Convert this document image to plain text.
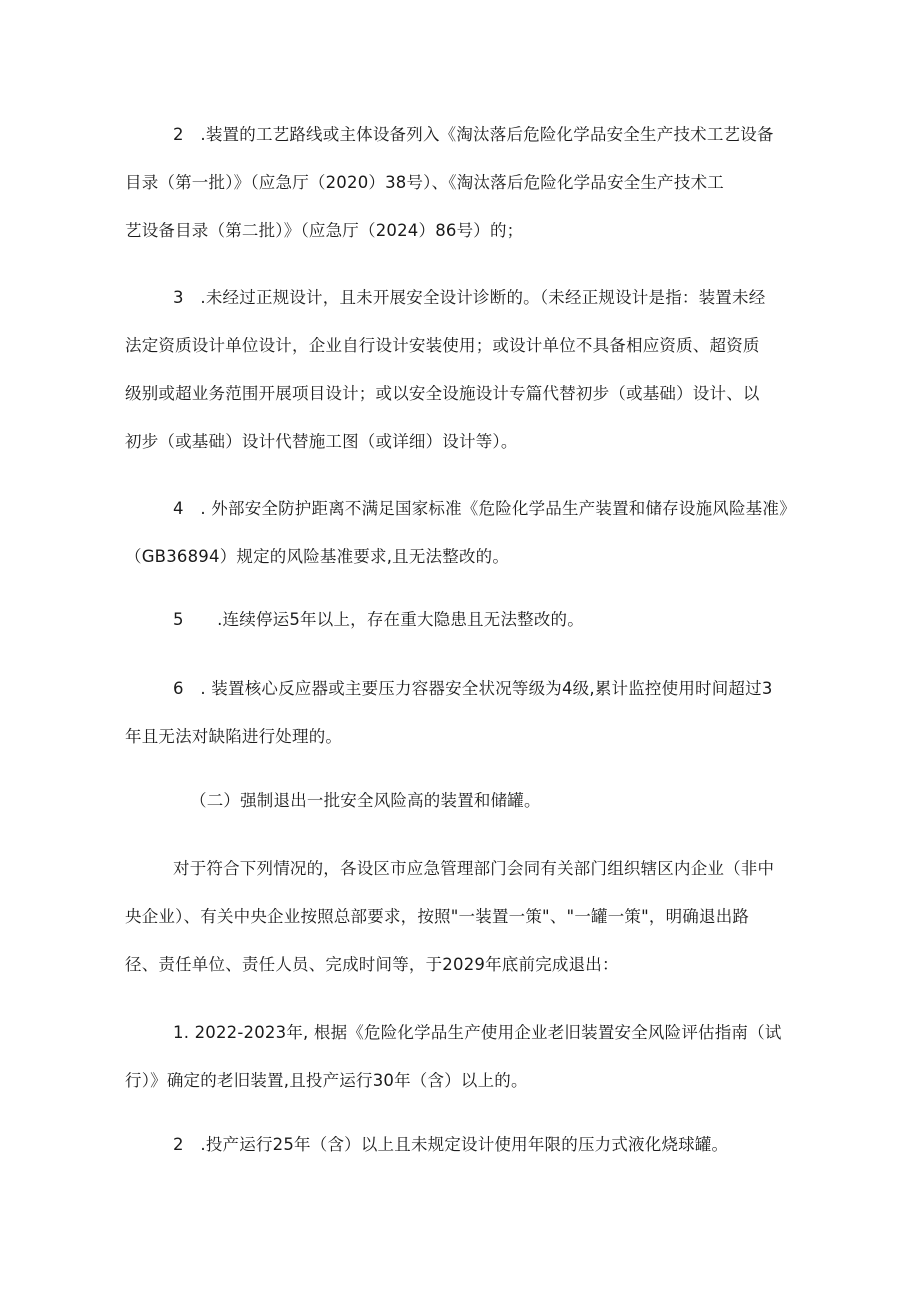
2　.装置的工艺路线或主体设备列入《淘汰落后危险化学品安全生产技术工艺设备
目录（第一批）》（应急厅（2020）38号）、《淘汰落后危险化学品安全生产技术工
艺设备目录（第二批）》（应急厅（2024）86号）的；

3　.未经过正规设计，且未开展安全设计诊断的。（未经正规设计是指：装置未经
法定资质设计单位设计，企业自行设计安装使用；或设计单位不具备相应资质、超资质
级别或超业务范围开展项目设计；或以安全设施设计专篇代替初步（或基础）设计、以
初步（或基础）设计代替施工图（或详细）设计等）。

4　. 外部安全防护距离不满足国家标准《危险化学品生产装置和储存设施风险基准》
（GB36894）规定的风险基准要求,且无法整改的。

5　　.连续停运5年以上，存在重大隐患且无法整改的。

6　. 装置核心反应器或主要压力容器安全状况等级为4级,累计监控使用时间超过3
年且无法对缺陷进行处理的。

（二）强制退出一批安全风险高的装置和储罐。

对于符合下列情况的，各设区市应急管理部门会同有关部门组织辖区内企业（非中
央企业）、有关中央企业按照总部要求，按照"一装置一策"、"一罐一策"，明确退出路
径、责任单位、责任人员、完成时间等，于2029年底前完成退出：

1. 2022-2023年, 根据《危险化学品生产使用企业老旧装置安全风险评估指南（试
行）》确定的老旧装置,且投产运行30年（含）以上的。

2　.投产运行25年（含）以上且未规定设计使用年限的压力式液化烧球罐。
